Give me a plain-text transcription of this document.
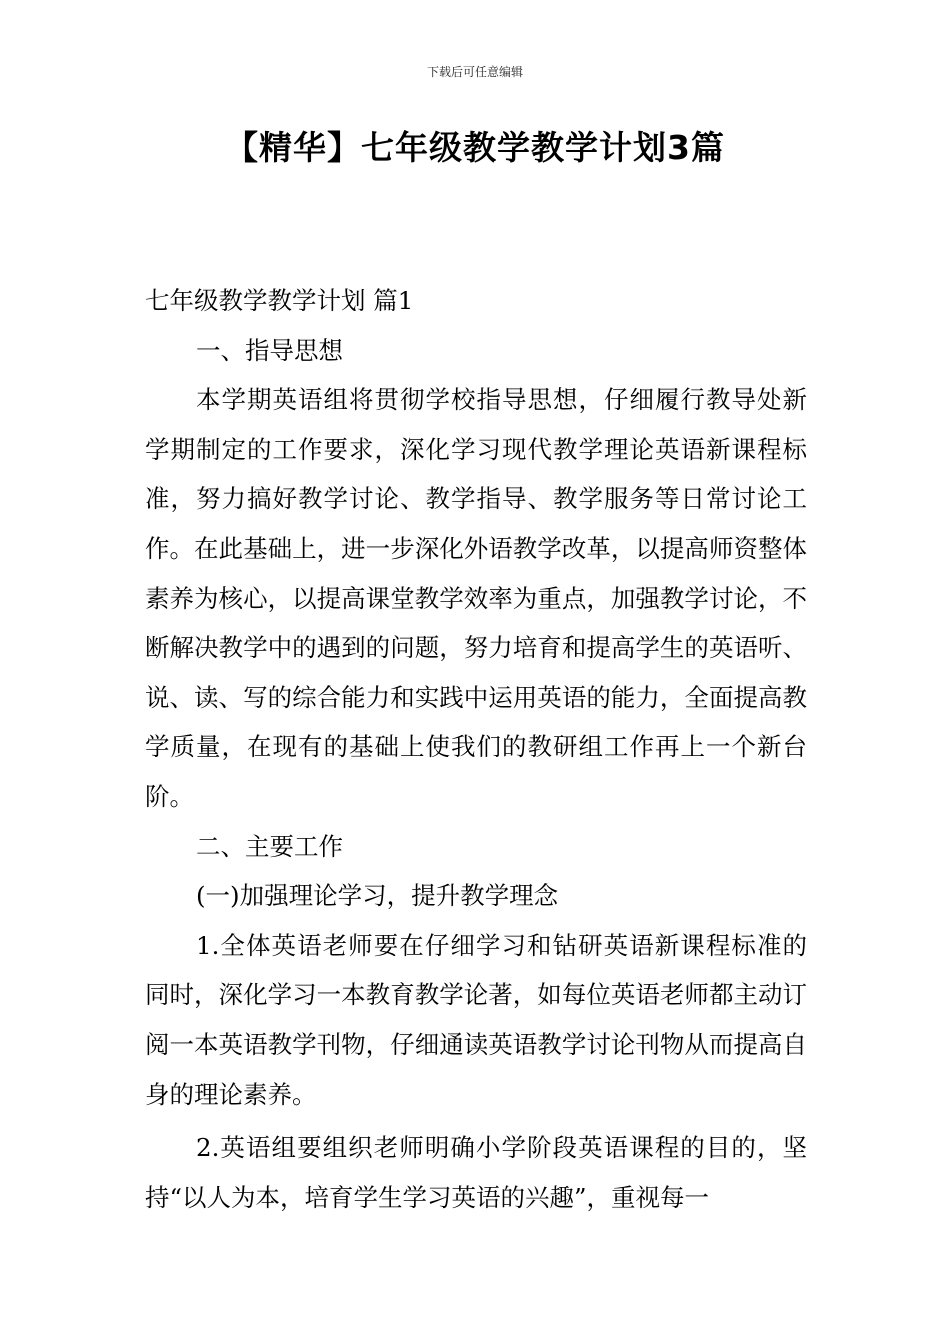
下载后可任意编辑
【精华】七年级教学教学计划3篇

七年级教学教学计划 篇1

一、指导思想

本学期英语组将贯彻学校指导思想，仔细履行教导处新学期制定的工作要求，深化学习现代教学理论英语新课程标准，努力搞好教学讨论、教学指导、教学服务等日常讨论工作。在此基础上，进一步深化外语教学改革，以提高师资整体素养为核心，以提高课堂教学效率为重点，加强教学讨论，不断解决教学中的遇到的问题，努力培育和提高学生的英语听、说、读、写的综合能力和实践中运用英语的能力，全面提高教学质量，在现有的基础上使我们的教研组工作再上一个新台阶。

二、主要工作

(一)加强理论学习，提升教学理念

1.全体英语老师要在仔细学习和钻研英语新课程标准的同时，深化学习一本教育教学论著，如每位英语老师都主动订阅一本英语教学刊物，仔细通读英语教学讨论刊物从而提高自身的理论素养。

2.英语组要组织老师明确小学阶段英语课程的目的，坚持“以人为本，培育学生学习英语的兴趣”，重视每一
